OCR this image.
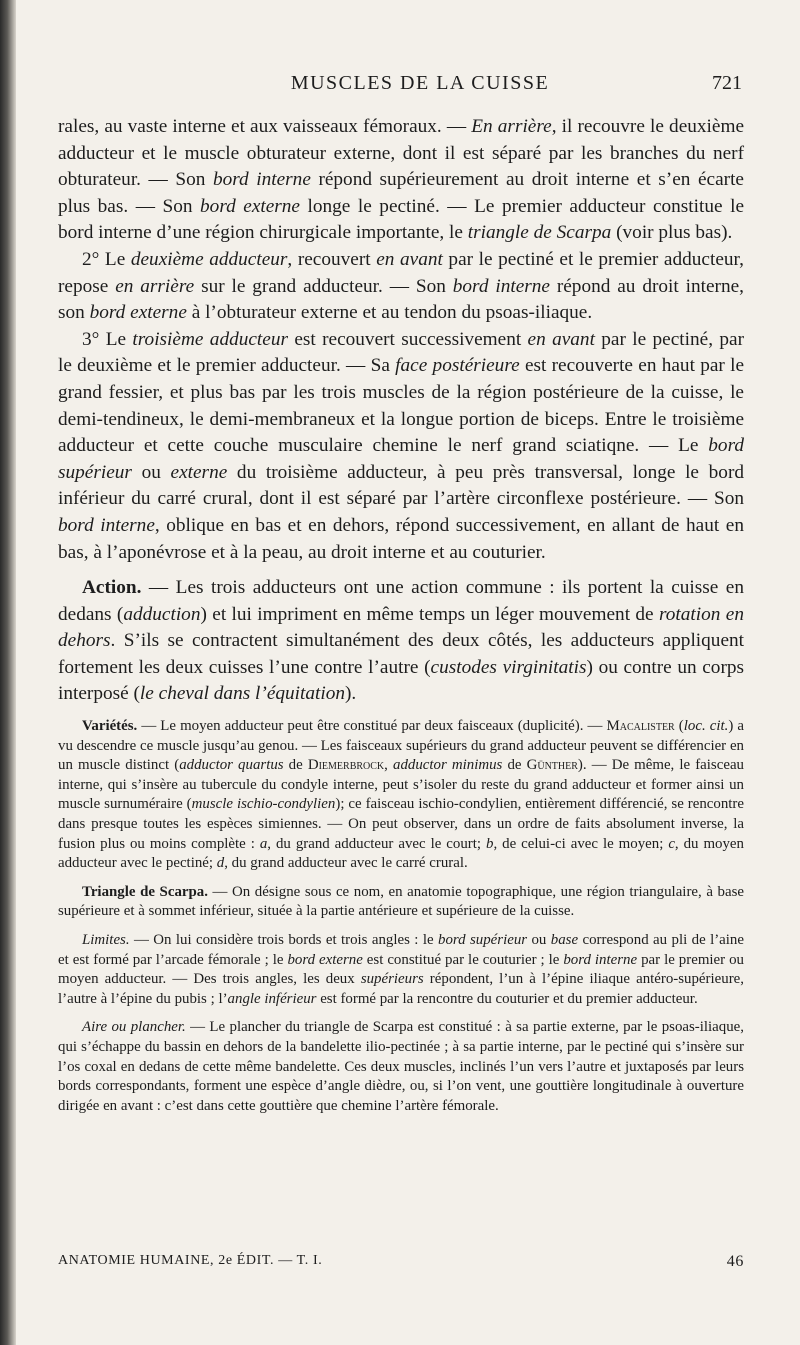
MUSCLES DE LA CUISSE	721

rales, au vaste interne et aux vaisseaux fémoraux. — En arrière, il recouvre le deuxième adducteur et le muscle obturateur externe, dont il est séparé par les branches du nerf obturateur. — Son bord interne répond supérieurement au droit interne et s’en écarte plus bas. — Son bord externe longe le pectiné. — Le premier adducteur constitue le bord interne d’une région chirurgicale importante, le triangle de Scarpa (voir plus bas).

2° Le deuxième adducteur, recouvert en avant par le pectiné et le premier adducteur, repose en arrière sur le grand adducteur. — Son bord interne répond au droit interne, son bord externe à l’obturateur externe et au tendon du psoas-iliaque.

3° Le troisième adducteur est recouvert successivement en avant par le pectiné, par le deuxième et le premier adducteur. — Sa face postérieure est recouverte en haut par le grand fessier, et plus bas par les trois muscles de la région postérieure de la cuisse, le demi-tendineux, le demi-membraneux et la longue portion de biceps. Entre le troisième adducteur et cette couche musculaire chemine le nerf grand sciatiqne. — Le bord supérieur ou externe du troisième adducteur, à peu près transversal, longe le bord inférieur du carré crural, dont il est séparé par l’artère circonflexe postérieure. — Son bord interne, oblique en bas et en dehors, répond successivement, en allant de haut en bas, à l’aponévrose et à la peau, au droit interne et au couturier.

Action. — Les trois adducteurs ont une action commune : ils portent la cuisse en dedans (adduction) et lui impriment en même temps un léger mouvement de rotation en dehors. S’ils se contractent simultanément des deux côtés, les adducteurs appliquent fortement les deux cuisses l’une contre l’autre (custodes virginitatis) ou contre un corps interposé (le cheval dans l’équitation).

Variétés. — Le moyen adducteur peut être constitué par deux faisceaux (duplicité). — Macalister (loc. cit.) a vu descendre ce muscle jusqu’au genou. — Les faisceaux supérieurs du grand adducteur peuvent se différencier en un muscle distinct (adductor quartus de Diemerbrock, adductor minimus de Günther). — De même, le faisceau interne, qui s’insère au tubercule du condyle interne, peut s’isoler du reste du grand adducteur et former ainsi un muscle surnuméraire (muscle ischio-condylien); ce faisceau ischio-condylien, entièrement différencié, se rencontre dans presque toutes les espèces simiennes. — On peut observer, dans un ordre de faits absolument inverse, la fusion plus ou moins complète : a, du grand adducteur avec le court; b, de celui-ci avec le moyen; c, du moyen adducteur avec le pectiné; d, du grand adducteur avec le carré crural.

Triangle de Scarpa. — On désigne sous ce nom, en anatomie topographique, une région triangulaire, à base supérieure et à sommet inférieur, située à la partie antérieure et supérieure de la cuisse.

Limites. — On lui considère trois bords et trois angles : le bord supérieur ou base correspond au pli de l’aine et est formé par l’arcade fémorale ; le bord externe est constitué par le couturier ; le bord interne par le premier ou moyen adducteur. — Des trois angles, les deux supérieurs répondent, l’un à l’épine iliaque antéro-supérieure, l’autre à l’épine du pubis ; l’angle inférieur est formé par la rencontre du couturier et du premier adducteur.

Aire ou plancher. — Le plancher du triangle de Scarpa est constitué : à sa partie externe, par le psoas-iliaque, qui s’échappe du bassin en dehors de la bandelette ilio-pectinée ; à sa partie interne, par le pectiné qui s’insère sur l’os coxal en dedans de cette même bandelette. Ces deux muscles, inclinés l’un vers l’autre et juxtaposés par leurs bords correspondants, forment une espèce d’angle dièdre, ou, si l’on vent, une gouttière longitudinale à ouverture dirigée en avant : c’est dans cette gouttière que chemine l’artère fémorale.

ANATOMIE HUMAINE, 2e ÉDIT. — T. I.	46
